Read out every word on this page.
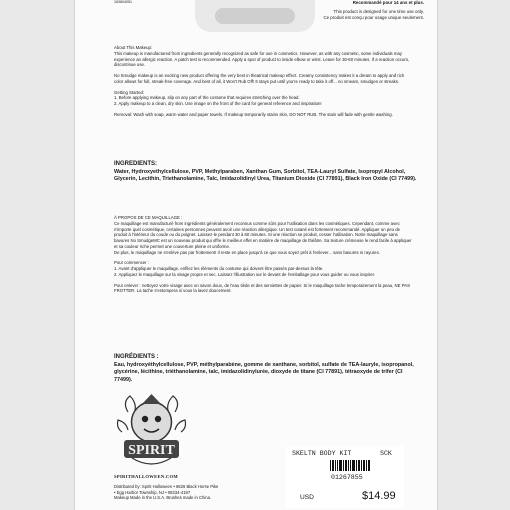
163604051	Recommandé pour 14 ans et plus.
This product is designed for one time use only.
Ce produit est conçu pour usage unique seulement.

About This Makeup:

This makeup is manufactured from ingredients generally recognized as safe for use in cosmetics. However, as with any cosmetic, some individuals may experience an allergic reaction. A patch test is recommended. Apply a spot of product to inside elbow or wrist. Leave for 30-60 minutes. If a reaction occurs, discontinue use.

No Smudge makeup is an exciting new product offering the very best in theatrical makeup effect. Creamy consistency makes it a dream to apply and rich color allows for full, streak-free coverage. And best of all, it Won't Rub Off! It stays put until you're ready to take it off... no smears, smudges or streaks.

Getting Started:

1. Before applying makeup, slip on any part of the costume that requires stretching over the head.

2. Apply makeup to a clean, dry skin. Use image on the front of the card for general reference and inspiration!

Removal: Wash with soap, warm water and paper towels. If makeup temporarily stains skin, DO NOT RUB. The stain will fade with gentle washing.

INGREDIENTS:
Water, Hydroxyethylcellulose, PVP, Methylparaben, Xanthan Gum, Sorbitol, TEA-Lauryl Sulfate, Isopropyl Alcohol, Glycerin, Lecithin, Triethanolamine, Talc, Imidazolidinyl Urea, Titanium Dioxide (CI 77891), Black Iron Oxide (CI 77499).

À PROPOS DE CE MAQUILLAGE :

Ce maquillage est manufacturé from ingrédients généralement reconnus comme sûrs pour l'utilisation dans les cosmétiques. Cependant, comme avec n'importe quel cosmétique, certaines personnes peuvent avoir une réaction allergique. Un test cutané est fortement recommandé. Appliquer un peu de produit à l'intérieur du coude ou du poignet. Laissez-le pendant 30 à 60 minutes. Si une réaction se produit, cesser l'utilisation. Notre maquillage sans bavures No SmudgeMC est un nouveau produit qui offre le meilleur effet en matière de maquillage de théâtre. Sa texture crémeuse le rend facile à appliquer et sa couleur riche permet une couverture pleine et uniforme.

De plus, le maquillage ne s'enlève pas par frottement! Il reste en place jusqu'à ce que vous soyez prêt à l'enlever... sans bavures ni rayures.

Pour commencer :

1. Avant d'appliquer le maquillage, enfilez les éléments du costume qui doivent être passés par-dessus la tête.

2. Appliquez le maquillage sur la visage propre et sec. Laissez l'illustration sur le devant de l'emballage pour vous guider ou vous inspirer.

Pour enlever : nettoyez votre visage avec un savon doux, de l'eau tiède et des serviettes de papier. Si le maquillage tache temporairement la peau, NE PAS FROTTER. La tache s'estompera si vous la lavez doucement.

INGRÉDIENTS :
Eau, hydroxyéthylcellulose, PVP, méthylparabène, gomme de xanthane, sorbitol, sulfate de TEA-lauryle, isopropanol, glycérine, lécithine, triéthanolamine, talc, imidazolidinylurée, dioxyde de titane (CI 77891), tétraoxyde de trifer (CI 77499).
SPIRIT
SPIRITHALLOWEEN.COM
Distributed by: Spirit Halloween • 6826 Black Horse Pike
• Egg Harbor Township, NJ • 08234-4197
Makeup Made in the U.S.A. Brushes made in China.
SKELTN BODY KIT	SCK
01267855
USD	$14.99
